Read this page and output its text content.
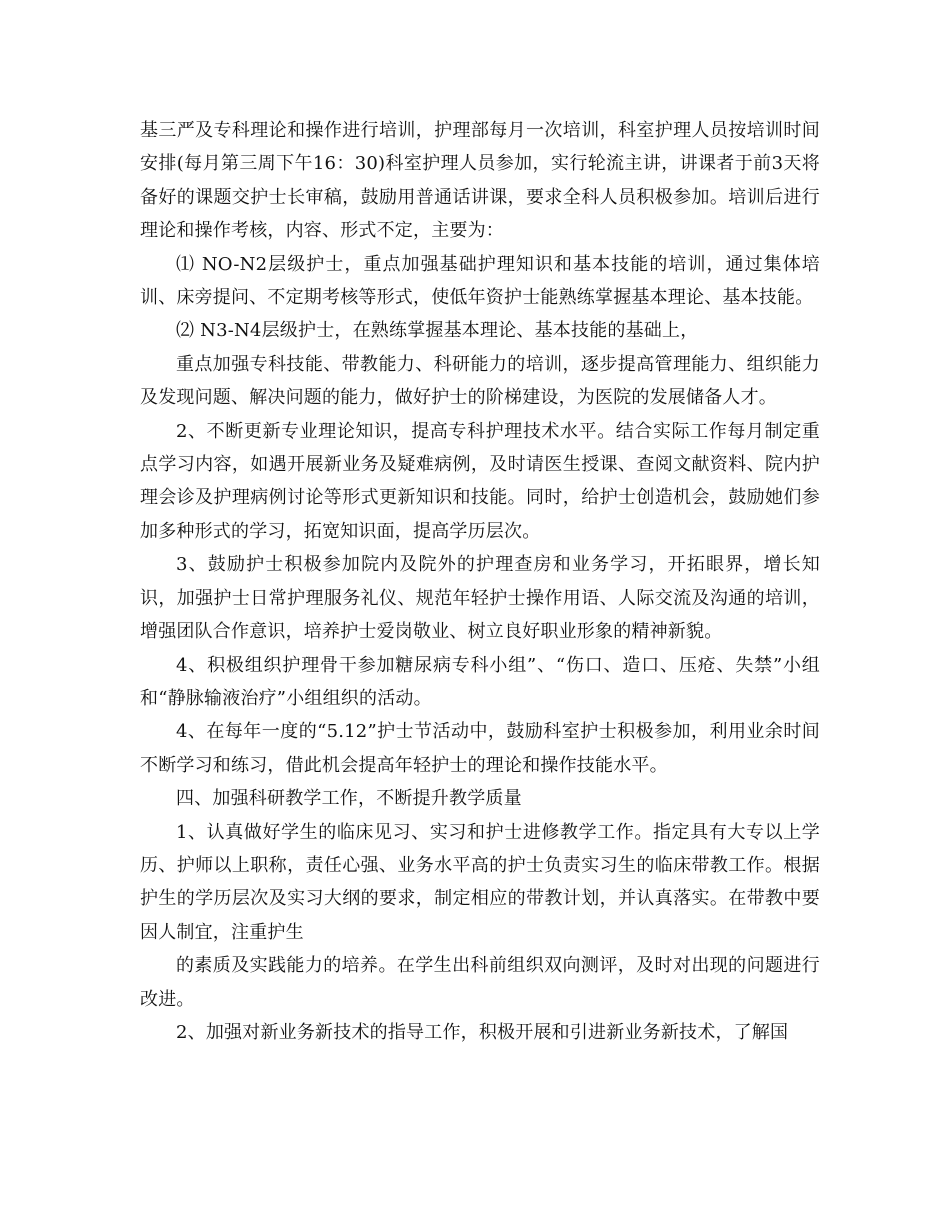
基三严及专科理论和操作进行培训，护理部每月一次培训，科室护理人员按培训时间安排(每月第三周下午16：30)科室护理人员参加，实行轮流主讲，讲课者于前3天将备好的课题交护士长审稿，鼓励用普通话讲课，要求全科人员积极参加。培训后进行理论和操作考核，内容、形式不定，主要为：

⑴ NO-N2层级护士，重点加强基础护理知识和基本技能的培训，通过集体培训、床旁提问、不定期考核等形式，使低年资护士能熟练掌握基本理论、基本技能。

⑵ N3-N4层级护士，在熟练掌握基本理论、基本技能的基础上，

重点加强专科技能、带教能力、科研能力的培训，逐步提高管理能力、组织能力及发现问题、解决问题的能力，做好护士的阶梯建设，为医院的发展储备人才。

2、不断更新专业理论知识，提高专科护理技术水平。结合实际工作每月制定重点学习内容，如遇开展新业务及疑难病例，及时请医生授课、查阅文献资料、院内护理会诊及护理病例讨论等形式更新知识和技能。同时，给护士创造机会，鼓励她们参加多种形式的学习，拓宽知识面，提高学历层次。

3、鼓励护士积极参加院内及院外的护理查房和业务学习，开拓眼界，增长知识，加强护士日常护理服务礼仪、规范年轻护士操作用语、人际交流及沟通的培训，增强团队合作意识，培养护士爱岗敬业、树立良好职业形象的精神新貌。

4、积极组织护理骨干参加糖尿病专科小组”、“伤口、造口、压疮、失禁”小组和“静脉输液治疗”小组组织的活动。

4、在每年一度的“5.12”护士节活动中，鼓励科室护士积极参加，利用业余时间不断学习和练习，借此机会提高年轻护士的理论和操作技能水平。

四、加强科研教学工作，不断提升教学质量

1、认真做好学生的临床见习、实习和护士进修教学工作。指定具有大专以上学历、护师以上职称，责任心强、业务水平高的护士负责实习生的临床带教工作。根据护生的学历层次及实习大纲的要求，制定相应的带教计划，并认真落实。在带教中要因人制宜，注重护生

的素质及实践能力的培养。在学生出科前组织双向测评，及时对出现的问题进行改进。

2、加强对新业务新技术的指导工作，积极开展和引进新业务新技术，了解国
